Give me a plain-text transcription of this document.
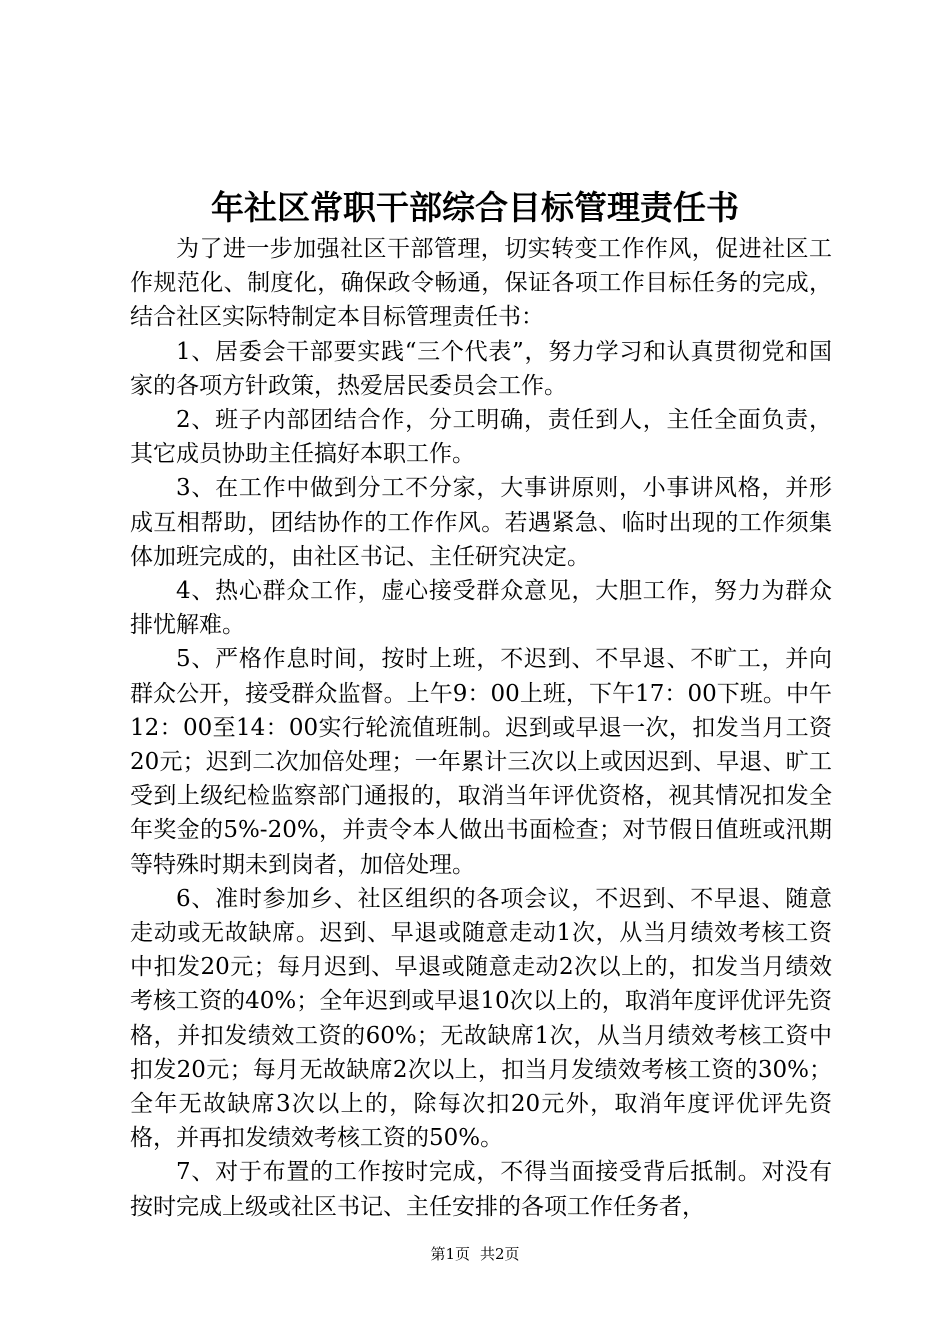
年社区常职干部综合目标管理责任书

为了进一步加强社区干部管理，切实转变工作作风，促进社区工作规范化、制度化，确保政令畅通，保证各项工作目标任务的完成，结合社区实际特制定本目标管理责任书：

1、居委会干部要实践“三个代表”，努力学习和认真贯彻党和国家的各项方针政策，热爱居民委员会工作。

2、班子内部团结合作，分工明确，责任到人，主任全面负责，其它成员协助主任搞好本职工作。

3、在工作中做到分工不分家，大事讲原则，小事讲风格，并形成互相帮助，团结协作的工作作风。若遇紧急、临时出现的工作须集体加班完成的，由社区书记、主任研究决定。

4、热心群众工作，虚心接受群众意见，大胆工作，努力为群众排忧解难。

5、严格作息时间，按时上班，不迟到、不早退、不旷工，并向群众公开，接受群众监督。上午9：00上班，下午17：00下班。中午12：00至14：00实行轮流值班制。迟到或早退一次，扣发当月工资20元；迟到二次加倍处理；一年累计三次以上或因迟到、早退、旷工受到上级纪检监察部门通报的，取消当年评优资格，视其情况扣发全年奖金的5%-20%，并责令本人做出书面检查；对节假日值班或汛期等特殊时期未到岗者，加倍处理。

6、准时参加乡、社区组织的各项会议，不迟到、不早退、随意走动或无故缺席。迟到、早退或随意走动1次，从当月绩效考核工资中扣发20元；每月迟到、早退或随意走动2次以上的，扣发当月绩效考核工资的40%；全年迟到或早退10次以上的，取消年度评优评先资格，并扣发绩效工资的60%；无故缺席1次，从当月绩效考核工资中扣发20元；每月无故缺席2次以上，扣当月发绩效考核工资的30%；全年无故缺席3次以上的，除每次扣20元外，取消年度评优评先资格，并再扣发绩效考核工资的50%。

7、对于布置的工作按时完成，不得当面接受背后抵制。对没有按时完成上级或社区书记、主任安排的各项工作任务者，

第1页 共2页
